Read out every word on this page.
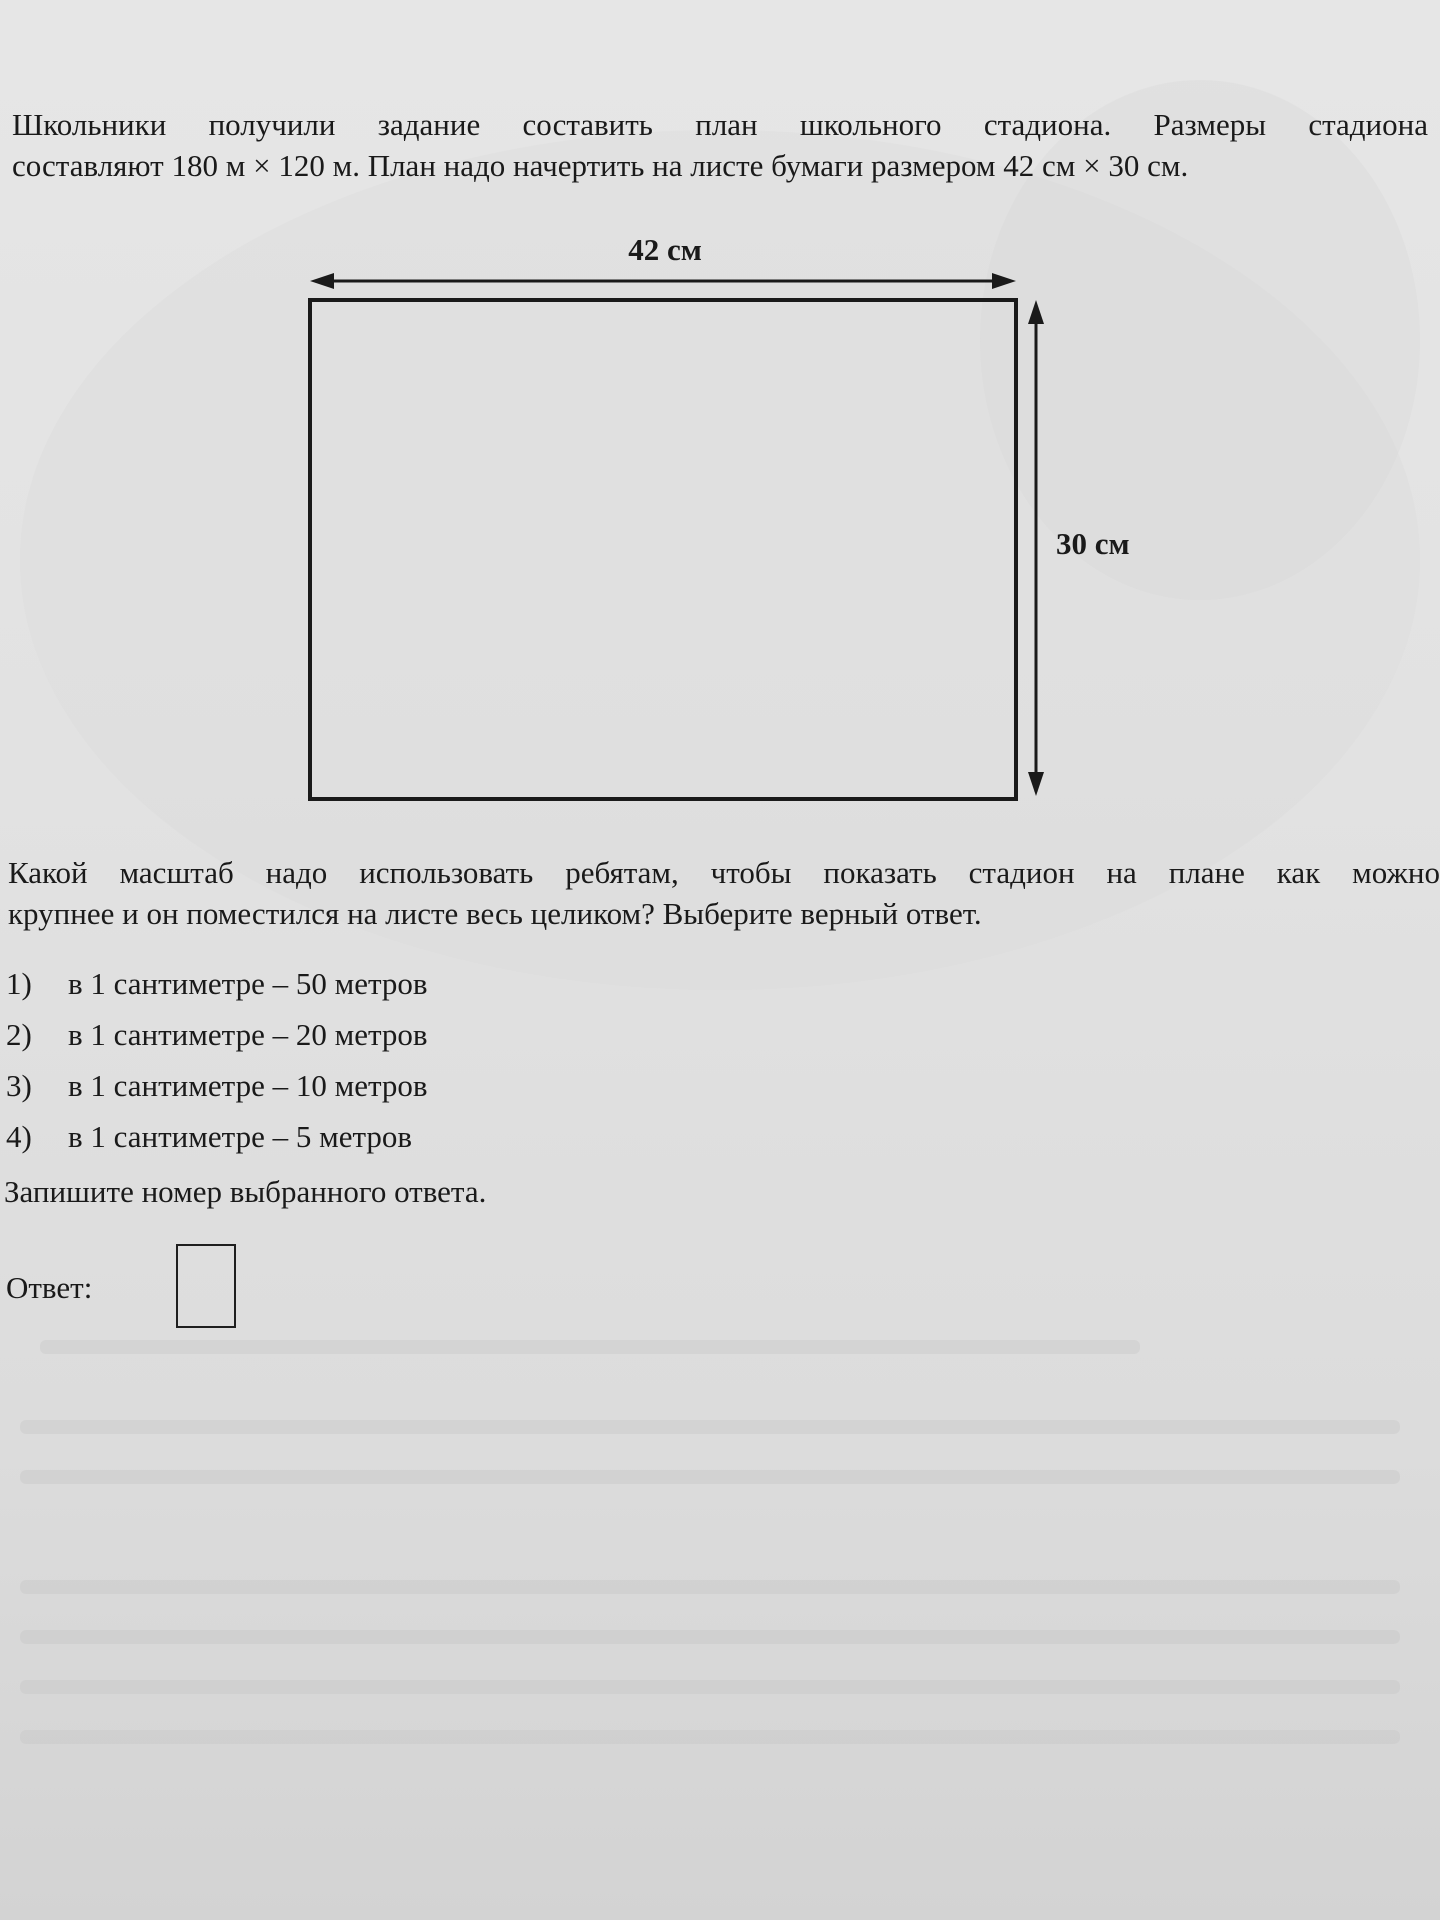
Школьники получили задание составить план школьного стадиона. Размеры стадиона
составляют 180 м × 120 м. План надо начертить на листе бумаги размером 42 см × 30 см.
42 см
30 см
Какой масштаб надо использовать ребятам, чтобы показать стадион на плане как можно
крупнее и он поместился на листе весь целиком? Выберите верный ответ.
1) в 1 сантиметре – 50 метров
2) в 1 сантиметре – 20 метров
3) в 1 сантиметре – 10 метров
4) в 1 сантиметре – 5 метров
Запишите номер выбранного ответа.
Ответ:
